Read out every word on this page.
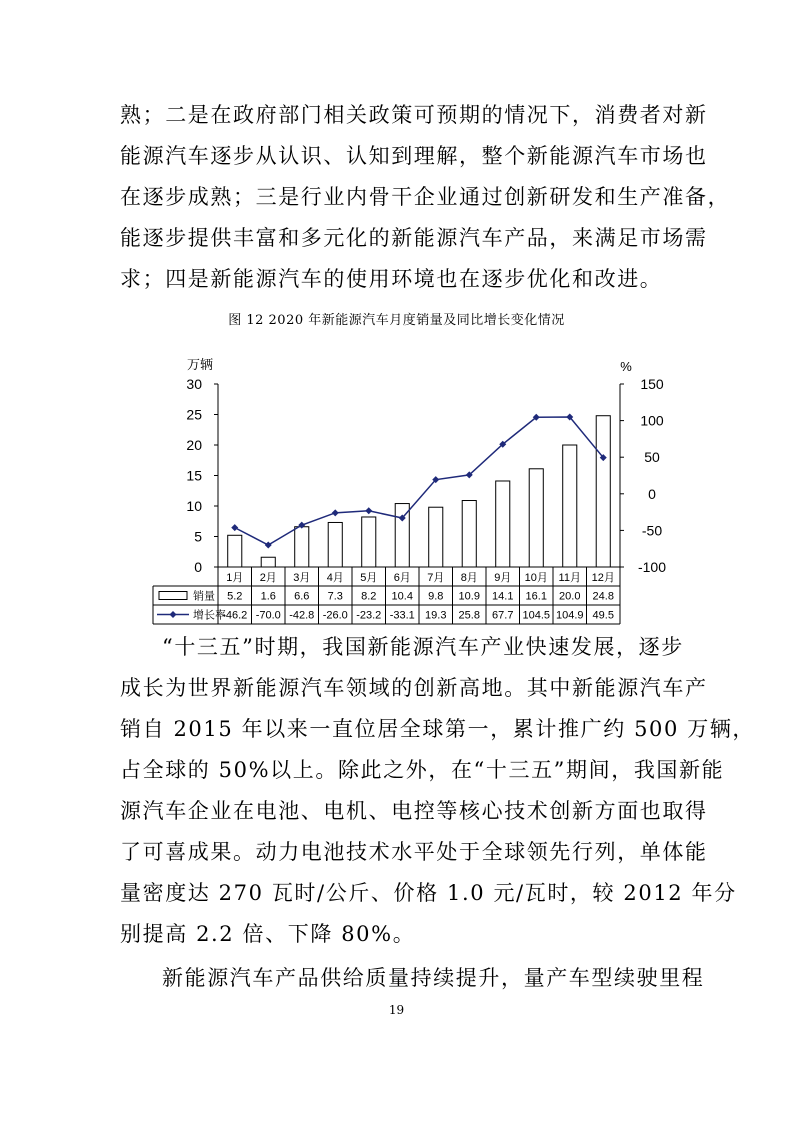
熟；二是在政府部门相关政策可预期的情况下，消费者对新
能源汽车逐步从认识、认知到理解，整个新能源汽车市场也
在逐步成熟；三是行业内骨干企业通过创新研发和生产准备，
能逐步提供丰富和多元化的新能源汽车产品，来满足市场需
求；四是新能源汽车的使用环境也在逐步优化和改进。
图 12 2020 年新能源汽车月度销量及同比增长变化情况
万辆	%
0
5
10
15
20
25
30
-100
-50
0
50
100
150
1月 2月 3月 4月 5月 6月 7月 8月 9月 10月 11月 12月
销量
增长率
5.2 1.6 6.6 7.3 8.2 10.4 9.8 10.9 14.1 16.1 20.0 24.8
-46.2 -70.0 -42.8 -26.0 -23.2 -33.1 19.3 25.8 67.7 104.5 104.9 49.5
“十三五”时期，我国新能源汽车产业快速发展，逐步
成长为世界新能源汽车领域的创新高地。其中新能源汽车产
销自 2015 年以来一直位居全球第一，累计推广约 500 万辆，
占全球的 50%以上。除此之外，在“十三五”期间，我国新能
源汽车企业在电池、电机、电控等核心技术创新方面也取得
了可喜成果。动力电池技术水平处于全球领先行列，单体能
量密度达 270 瓦时/公斤、价格 1.0 元/瓦时，较 2012 年分
别提高 2.2 倍、下降 80%。
新能源汽车产品供给质量持续提升，量产车型续驶里程
19
